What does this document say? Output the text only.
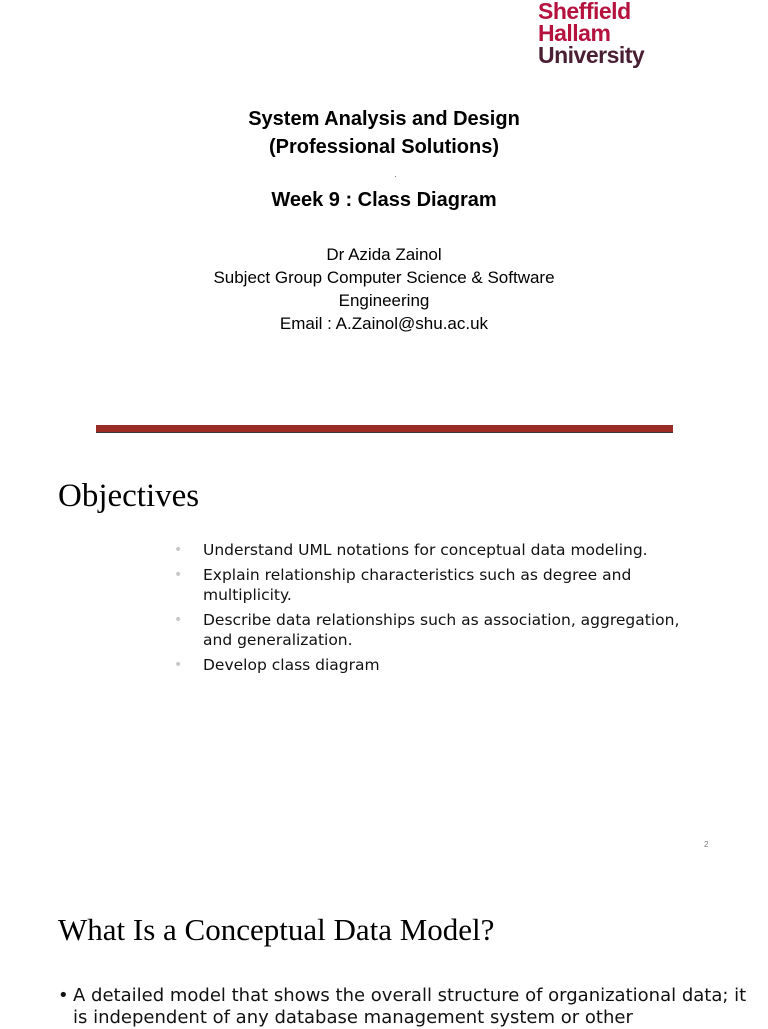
Sheffield
Hallam
University
System Analysis and Design
(Professional Solutions)
Week 9 : Class Diagram
Dr Azida Zainol
Subject Group Computer Science & Software
Engineering
Email : A.Zainol@shu.ac.uk
Objectives
• Understand UML notations for conceptual data modeling.
• Explain relationship characteristics such as degree and multiplicity.
• Describe data relationships such as association, aggregation, and generalization.
• Develop class diagram
2
What Is a Conceptual Data Model?
• A detailed model that shows the overall structure of organizational data; it is independent of any database management system or other
